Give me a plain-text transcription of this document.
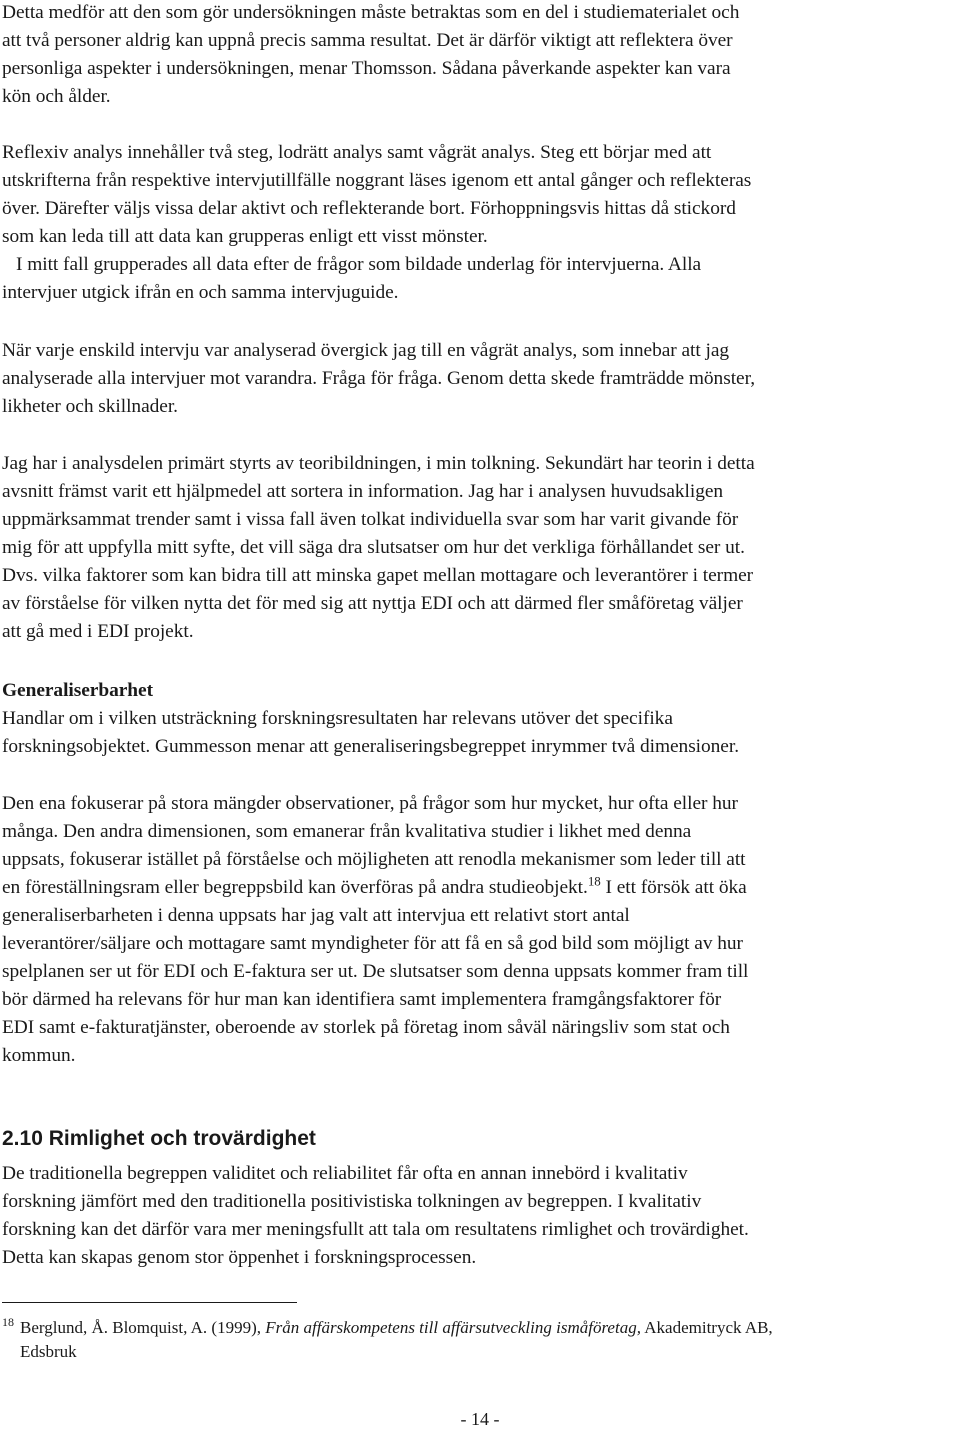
Detta medför att den som gör undersökningen måste betraktas som en del i studiematerialet och
att två personer aldrig kan uppnå precis samma resultat. Det är därför viktigt att reflektera över
personliga aspekter i undersökningen, menar Thomsson. Sådana påverkande aspekter kan vara
kön och ålder.

Reflexiv analys innehåller två steg, lodrätt analys samt vågrät analys. Steg ett börjar med att
utskrifterna från respektive intervjutillfälle noggrant läses igenom ett antal gånger och reflekteras
över. Därefter väljs vissa delar aktivt och reflekterande bort. Förhoppningsvis hittas då stickord
som kan leda till att data kan grupperas enligt ett visst mönster.
I mitt fall grupperades all data efter de frågor som bildade underlag för intervjuerna. Alla
intervjuer utgick ifrån en och samma intervjuguide.

När varje enskild intervju var analyserad övergick jag till en vågrät analys, som innebar att jag
analyserade alla intervjuer mot varandra. Fråga för fråga. Genom detta skede framträdde mönster,
likheter och skillnader.

Jag har i analysdelen primärt styrts av teoribildningen, i min tolkning. Sekundärt har teorin i detta
avsnitt främst varit ett hjälpmedel att sortera in information. Jag har i analysen huvudsakligen
uppmärksammat trender samt i vissa fall även tolkat individuella svar som har varit givande för
mig för att uppfylla mitt syfte, det vill säga dra slutsatser om hur det verkliga förhållandet ser ut.
Dvs. vilka faktorer som kan bidra till att minska gapet mellan mottagare och leverantörer i termer
av förståelse för vilken nytta det för med sig att nyttja EDI och att därmed fler småföretag väljer
att gå med i EDI projekt.

Generaliserbarhet
Handlar om i vilken utsträckning forskningsresultaten har relevans utöver det specifika
forskningsobjektet. Gummesson menar att generaliseringsbegreppet inrymmer två dimensioner.

Den ena fokuserar på stora mängder observationer, på frågor som hur mycket, hur ofta eller hur
många. Den andra dimensionen, som emanerar från kvalitativa studier i likhet med denna
uppsats, fokuserar istället på förståelse och möjligheten att renodla mekanismer som leder till att
en föreställningsram eller begreppsbild kan överföras på andra studieobjekt.$^{18}$ I ett försök att öka
generaliserbarheten i denna uppsats har jag valt att intervjua ett relativt stort antal
leverantörer/säljare och mottagare samt myndigheter för att få en så god bild som möjligt av hur
spelplanen ser ut för EDI och E-faktura ser ut. De slutsatser som denna uppsats kommer fram till
bör därmed ha relevans för hur man kan identifiera samt implementera framgångsfaktorer för
EDI samt e-fakturatjänster, oberoende av storlek på företag inom såväl näringsliv som stat och
kommun.

2.10 Rimlighet och trovärdighet

De traditionella begreppen validitet och reliabilitet får ofta en annan innebörd i kvalitativ
forskning jämfört med den traditionella positivistiska tolkningen av begreppen. I kvalitativ
forskning kan det därför vara mer meningsfullt att tala om resultatens rimlighet och trovärdighet.
Detta kan skapas genom stor öppenhet i forskningsprocessen.

$^{18}$ Berglund, Å. Blomquist, A. (1999), Från affärskompetens till affärsutveckling ismåföretag, Akademitryck AB,
Edsbruk
- 14 -
